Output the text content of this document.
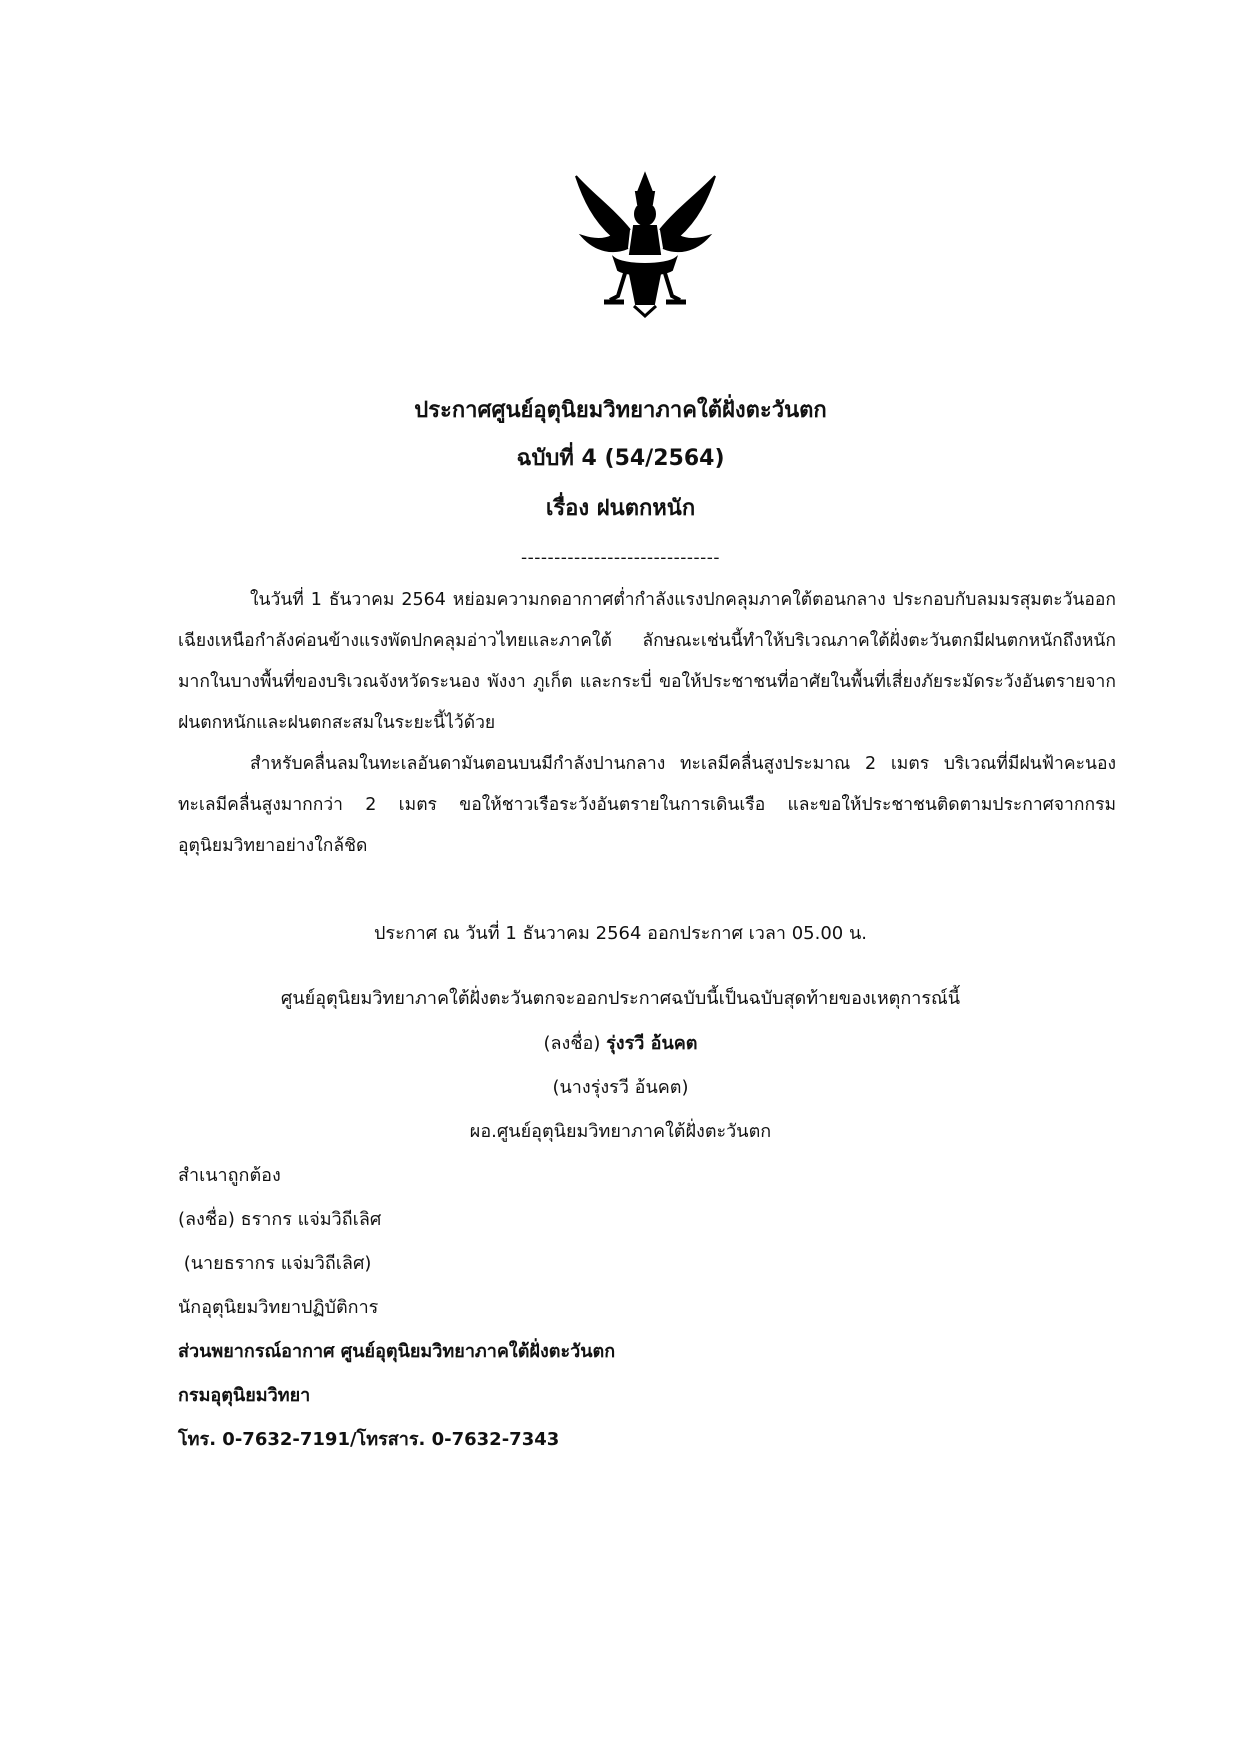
ประกาศศูนย์อุตุนิยมวิทยาภาคใต้ฝั่งตะวันตก
ฉบับที่ 4 (54/2564)
เรื่อง ฝนตกหนัก
------------------------------

ในวันที่ 1 ธันวาคม 2564 หย่อมความกดอากาศต่ำกำลังแรงปกคลุมภาคใต้ตอนกลาง ประกอบกับลมมรสุมตะวันออกเฉียงเหนือกำลังค่อนข้างแรงพัดปกคลุมอ่าวไทยและภาคใต้ ลักษณะเช่นนี้ทำให้บริเวณภาคใต้ฝั่งตะวันตกมีฝนตกหนักถึงหนักมากในบางพื้นที่ของบริเวณจังหวัดระนอง พังงา ภูเก็ต และกระบี่ ขอให้ประชาชนที่อาศัยในพื้นที่เสี่ยงภัยระมัดระวังอันตรายจากฝนตกหนักและฝนตกสะสมในระยะนี้ไว้ด้วย

สำหรับคลื่นลมในทะเลอันดามันตอนบนมีกำลังปานกลาง ทะเลมีคลื่นสูงประมาณ 2 เมตร บริเวณที่มีฝนฟ้าคะนองทะเลมีคลื่นสูงมากกว่า 2 เมตร ขอให้ชาวเรือระวังอันตรายในการเดินเรือ และขอให้ประชาชนติดตามประกาศจากกรมอุตุนิยมวิทยาอย่างใกล้ชิด

ประกาศ ณ วันที่ 1 ธันวาคม 2564 ออกประกาศ เวลา 05.00 น.

ศูนย์อุตุนิยมวิทยาภาคใต้ฝั่งตะวันตกจะออกประกาศฉบับนี้เป็นฉบับสุดท้ายของเหตุการณ์นี้

(ลงชื่อ) รุ่งรวี อ้นคต

(นางรุ่งรวี อ้นคต)

ผอ.ศูนย์อุตุนิยมวิทยาภาคใต้ฝั่งตะวันตก

สำเนาถูกต้อง

(ลงชื่อ) ธรากร แจ่มวิถีเลิศ

(นายธรากร แจ่มวิถีเลิศ)

นักอุตุนิยมวิทยาปฏิบัติการ

ส่วนพยากรณ์อากาศ ศูนย์อุตุนิยมวิทยาภาคใต้ฝั่งตะวันตก

กรมอุตุนิยมวิทยา

โทร. 0-7632-7191/โทรสาร. 0-7632-7343
